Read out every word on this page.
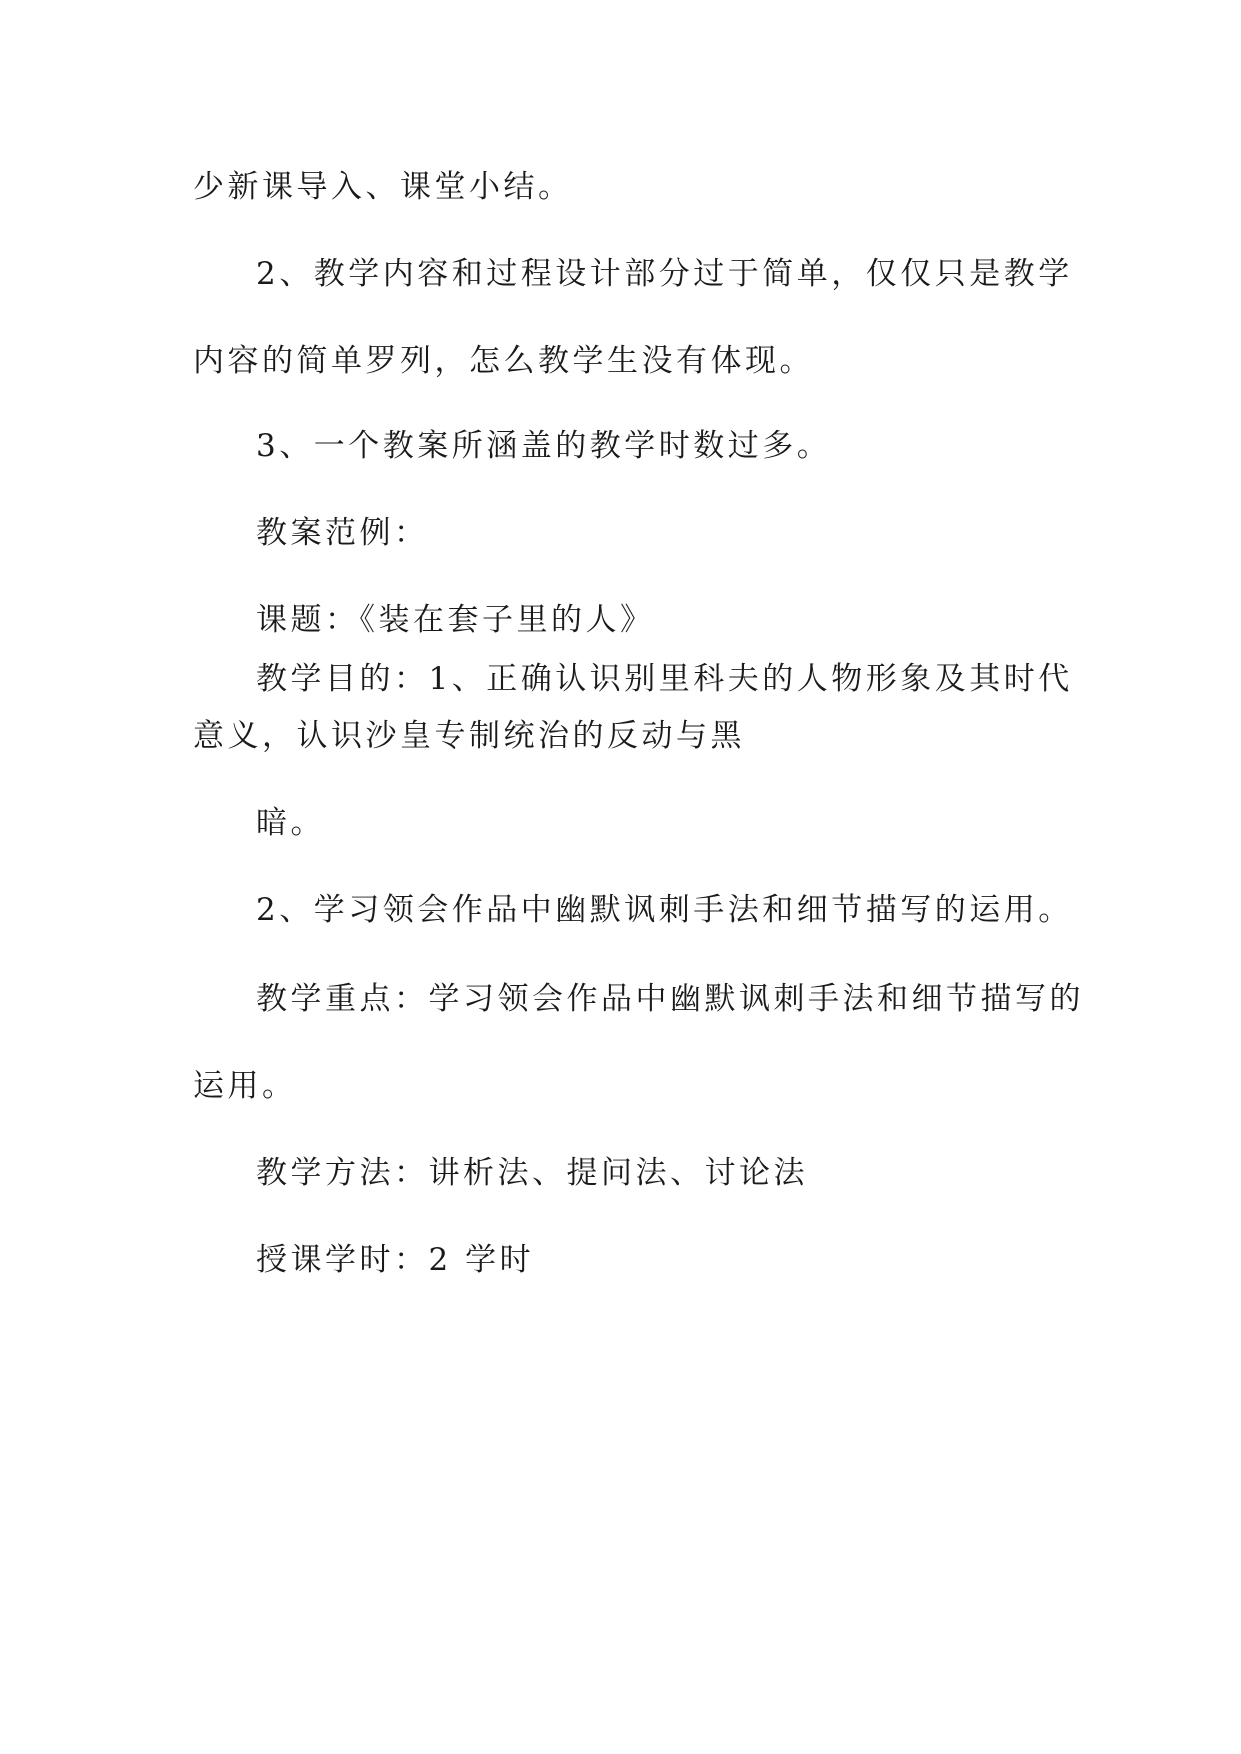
少新课导入、课堂小结。
2、教学内容和过程设计部分过于简单，仅仅只是教学
内容的简单罗列，怎么教学生没有体现。
3、一个教案所涵盖的教学时数过多。
教案范例：
课题：《装在套子里的人》
教学目的：1、正确认识别里科夫的人物形象及其时代
意义，认识沙皇专制统治的反动与黑
暗。
2、学习领会作品中幽默讽刺手法和细节描写的运用。
教学重点：学习领会作品中幽默讽刺手法和细节描写的
运用。
教学方法：讲析法、提问法、讨论法
授课学时：2 学时
